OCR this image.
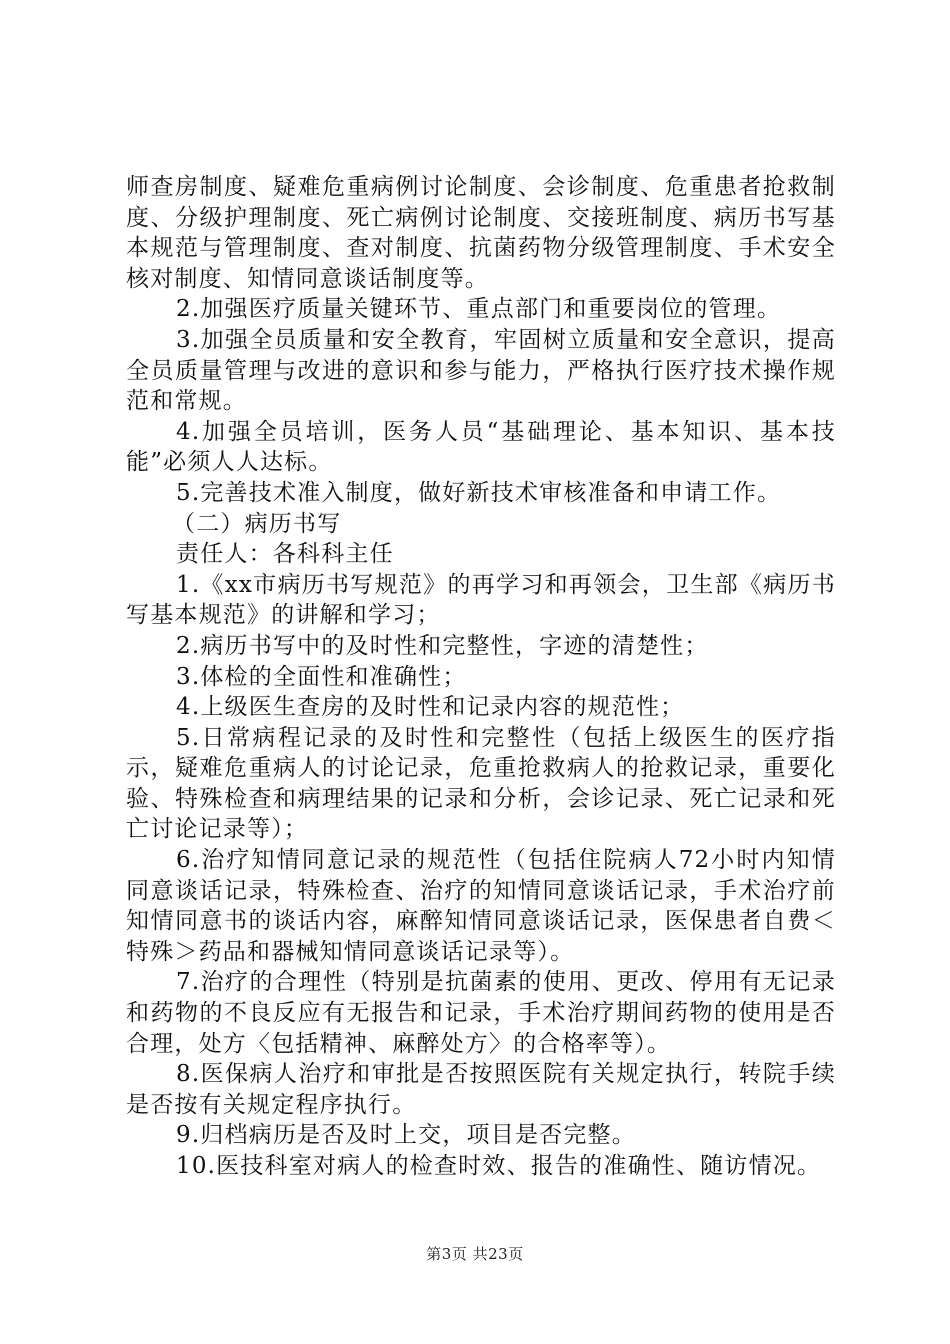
师查房制度、疑难危重病例讨论制度、会诊制度、危重患者抢救制度、分级护理制度、死亡病例讨论制度、交接班制度、病历书写基本规范与管理制度、查对制度、抗菌药物分级管理制度、手术安全核对制度、知情同意谈话制度等。

2.加强医疗质量关键环节、重点部门和重要岗位的管理。

3.加强全员质量和安全教育，牢固树立质量和安全意识，提高全员质量管理与改进的意识和参与能力，严格执行医疗技术操作规范和常规。

4.加强全员培训，医务人员“基础理论、基本知识、基本技能”必须人人达标。

5.完善技术准入制度，做好新技术审核准备和申请工作。

（二）病历书写

责任人：各科科主任

1.《xx市病历书写规范》的再学习和再领会，卫生部《病历书写基本规范》的讲解和学习；

2.病历书写中的及时性和完整性，字迹的清楚性；

3.体检的全面性和准确性；

4.上级医生查房的及时性和记录内容的规范性；

5.日常病程记录的及时性和完整性（包括上级医生的医疗指示，疑难危重病人的讨论记录，危重抢救病人的抢救记录，重要化验、特殊检查和病理结果的记录和分析，会诊记录、死亡记录和死亡讨论记录等）；

6.治疗知情同意记录的规范性（包括住院病人72小时内知情同意谈话记录，特殊检查、治疗的知情同意谈话记录，手术治疗前知情同意书的谈话内容，麻醉知情同意谈话记录，医保患者自费＜特殊＞药品和器械知情同意谈话记录等）。

7.治疗的合理性（特别是抗菌素的使用、更改、停用有无记录和药物的不良反应有无报告和记录，手术治疗期间药物的使用是否合理，处方〈包括精神、麻醉处方〉的合格率等）。

8.医保病人治疗和审批是否按照医院有关规定执行，转院手续是否按有关规定程序执行。

9.归档病历是否及时上交，项目是否完整。

10.医技科室对病人的检查时效、报告的准确性、随访情况。

第3页 共23页
